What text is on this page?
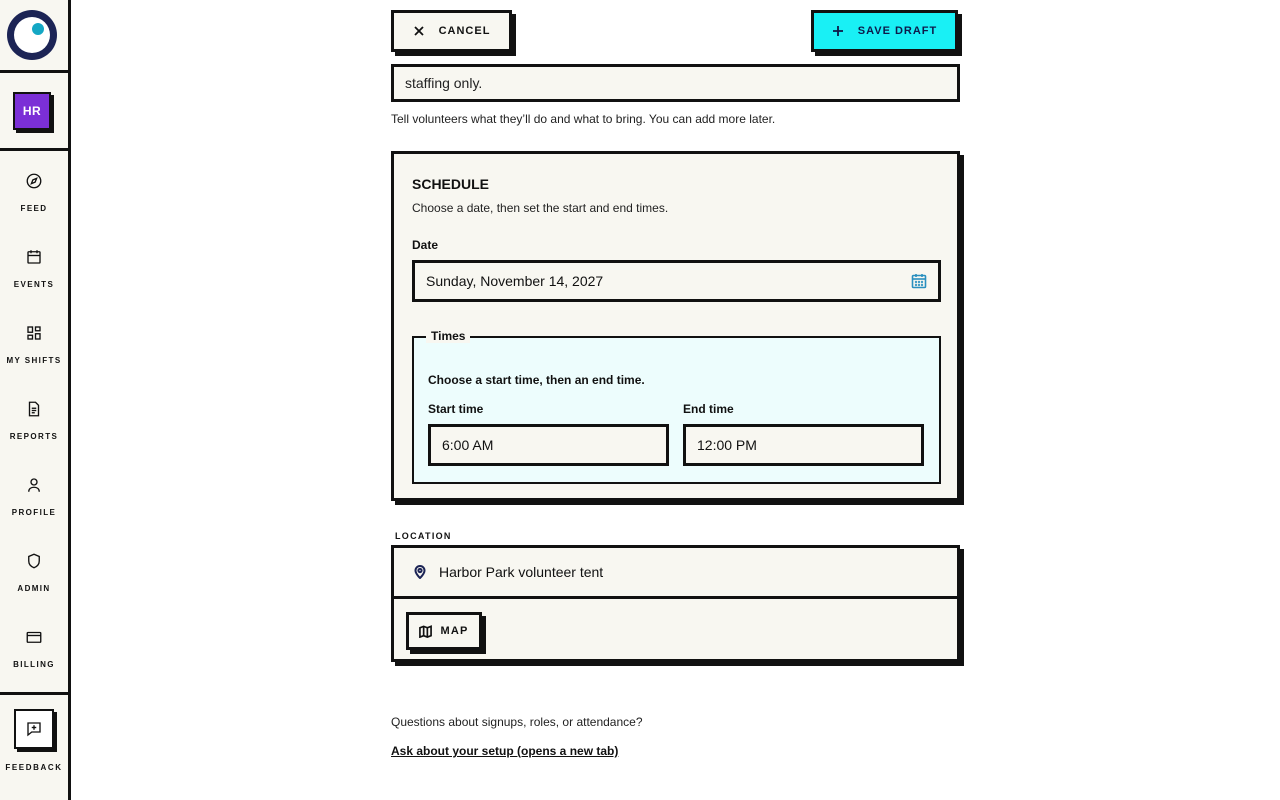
HR
FEED
EVENTS
MY SHIFTS
REPORTS
PROFILE
ADMIN
BILLING
FEEDBACK
CANCEL	SAVE DRAFT
staffing only.
Tell volunteers what they’ll do and what to bring. You can add more later.
SCHEDULE
Choose a date, then set the start and end times.
Date
Sunday, November 14, 2027
Times
Choose a start time, then an end time.
Start time	End time
6:00 AM	12:00 PM
LOCATION
Harbor Park volunteer tent
MAP
Questions about signups, roles, or attendance?
Ask about your setup (opens a new tab)
